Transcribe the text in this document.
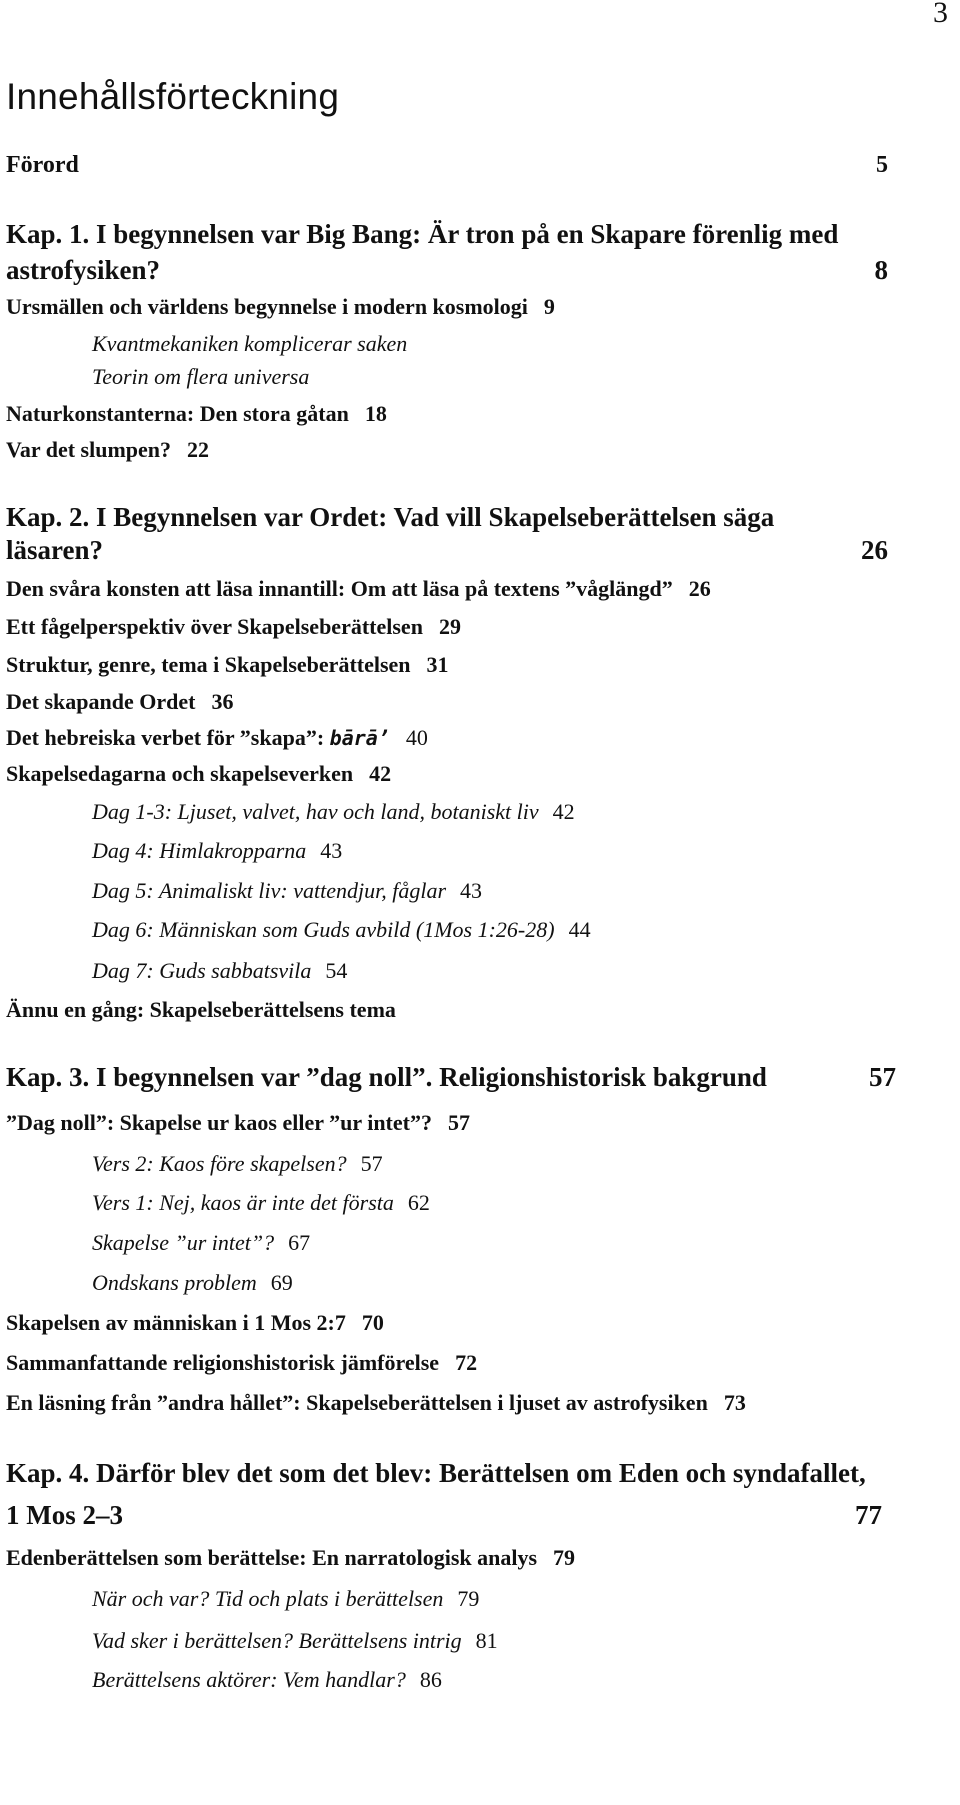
3
Innehållsförteckning
Förord	5
Kap. 1. I begynnelsen var Big Bang: Är tron på en Skapare förenlig med
astrofysiken?	8
Ursmällen och världens begynnelse i modern kosmologi 9
Kvantmekaniken komplicerar saken
Teorin om flera universa
Naturkonstanterna: Den stora gåtan 18
Var det slumpen? 22
Kap. 2. I Begynnelsen var Ordet: Vad vill Skapelseberättelsen säga
läsaren?	26
Den svåra konsten att läsa innantill: Om att läsa på textens ”våglängd” 26
Ett fågelperspektiv över Skapelseberättelsen 29
Struktur, genre, tema i Skapelseberättelsen 31
Det skapande Ordet 36
Det hebreiska verbet för ”skapa”: bārā’ 40
Skapelsedagarna och skapelseverken 42
Dag 1-3: Ljuset, valvet, hav och land, botaniskt liv 42
Dag 4: Himlakropparna 43
Dag 5: Animaliskt liv: vattendjur, fåglar 43
Dag 6: Människan som Guds avbild (1Mos 1:26-28) 44
Dag 7: Guds sabbatsvila 54
Ännu en gång: Skapelseberättelsens tema
Kap. 3. I begynnelsen var ”dag noll”. Religionshistorisk bakgrund	57
”Dag noll”: Skapelse ur kaos eller ”ur intet”? 57
Vers 2: Kaos före skapelsen? 57
Vers 1: Nej, kaos är inte det första 62
Skapelse ”ur intet”? 67
Ondskans problem 69
Skapelsen av människan i 1 Mos 2:7 70
Sammanfattande religionshistorisk jämförelse 72
En läsning från ”andra hållet”: Skapelseberättelsen i ljuset av astrofysiken 73
Kap. 4. Därför blev det som det blev: Berättelsen om Eden och syndafallet,
1 Mos 2–3	77
Edenberättelsen som berättelse: En narratologisk analys 79
När och var? Tid och plats i berättelsen 79
Vad sker i berättelsen? Berättelsens intrig 81
Berättelsens aktörer: Vem handlar? 86
